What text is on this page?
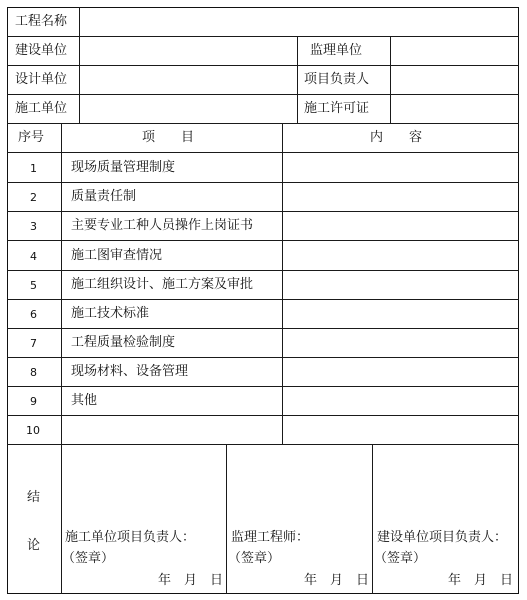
工程名称
建设单位	监理单位
设计单位	项目负责人
施工单位	施工许可证
序号	项　　目	内　　容
1	现场质量管理制度
2	质量责任制
3	主要专业工种人员操作上岗证书
4	施工图审查情况
5	施工组织设计、施工方案及审批
6	施工技术标准
7	工程质量检验制度
8	现场材料、设备管理
9	其他
10
结
论
施工单位项目负责人：
（签章）
年 月 日
监理工程师：
（签章）
年 月 日
建设单位项目负责人：
（签章）
年 月 日
